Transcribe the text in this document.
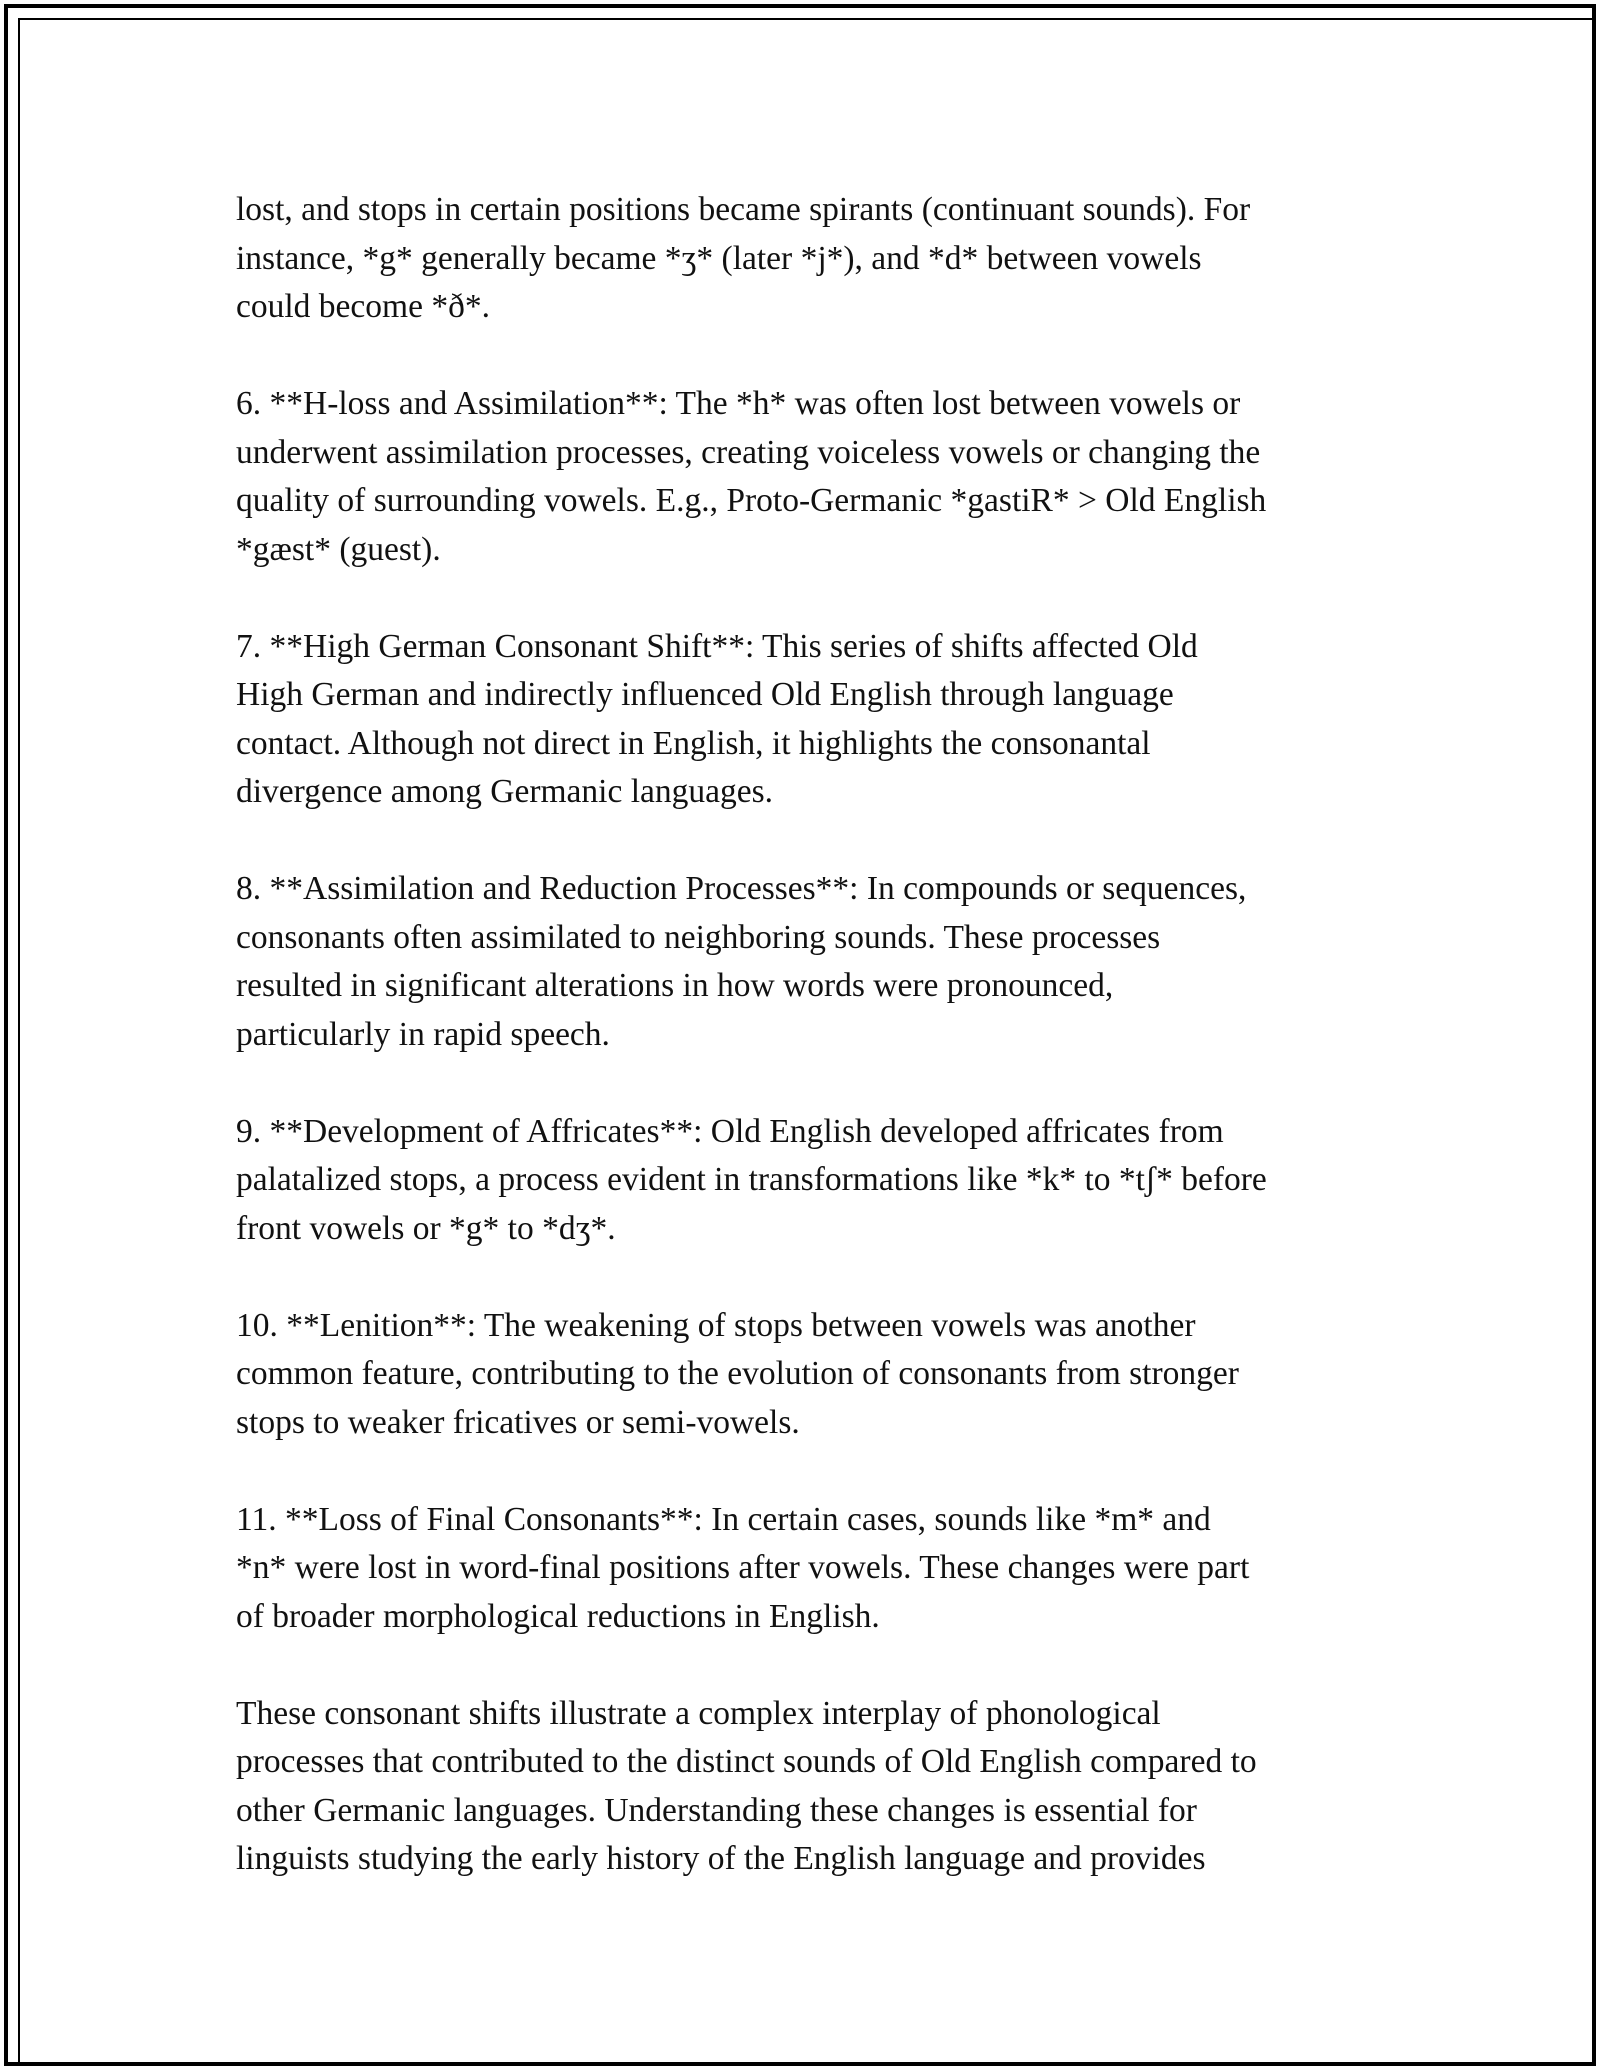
lost, and stops in certain positions became spirants (continuant sounds). For
instance, *g* generally became *ʒ* (later *j*), and *d* between vowels
could become *ð*.

6. **H-loss and Assimilation**: The *h* was often lost between vowels or
underwent assimilation processes, creating voiceless vowels or changing the
quality of surrounding vowels. E.g., Proto-Germanic *gastiR* > Old English
*gæst* (guest).

7. **High German Consonant Shift**: This series of shifts affected Old
High German and indirectly influenced Old English through language
contact. Although not direct in English, it highlights the consonantal
divergence among Germanic languages.

8. **Assimilation and Reduction Processes**: In compounds or sequences,
consonants often assimilated to neighboring sounds. These processes
resulted in significant alterations in how words were pronounced,
particularly in rapid speech.

9. **Development of Affricates**: Old English developed affricates from
palatalized stops, a process evident in transformations like *k* to *tʃ* before
front vowels or *g* to *dʒ*.

10. **Lenition**: The weakening of stops between vowels was another
common feature, contributing to the evolution of consonants from stronger
stops to weaker fricatives or semi-vowels.

11. **Loss of Final Consonants**: In certain cases, sounds like *m* and
*n* were lost in word-final positions after vowels. These changes were part
of broader morphological reductions in English.

These consonant shifts illustrate a complex interplay of phonological
processes that contributed to the distinct sounds of Old English compared to
other Germanic languages. Understanding these changes is essential for
linguists studying the early history of the English language and provides
